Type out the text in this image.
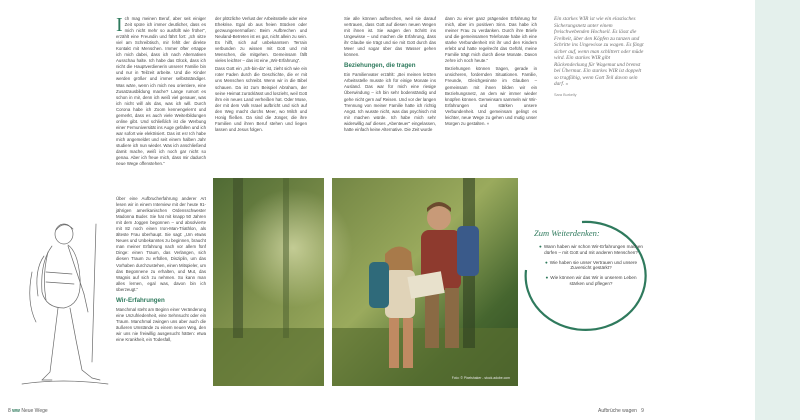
I ch mag meinen Beruf, aber seit einiger Zeit spüre ich immer deutlicher, dass es mich nicht mehr so ausfüllt wie früher“, erzählt eine Freundin und fährt fort: „Ich sitze viel am Schreibtisch, mir fehlt der direkte Kontakt mit Menschen. Immer öfter ertappe ich mich dabei, dass ich nach Alternativen Ausschau halte. Ich habe das Glück, dass ich nicht die Hauptverdienerin unserer Familie bin und nur in Teilzeit arbeite. Und die Kinder werden größer und immer selbstständiger. Was wäre, wenn ich mich neu orientiere, eine Zusatzausbildung mache? Lange rumort es schon in mir, denn ich weiß viel genauer, was ich nicht will als das, was ich will. Durch Corona habe ich Zoom kennengelernt und gemerkt, dass es auch viele Weiterbildungen online gibt. Und schließlich ist die Werbung einer Fernuniversität ins Auge gefallen und ich war sofort wie elektrisiert. Das ist es! Ich habe mich angemeldet und seit einem halben Jahr studiere ich nun wieder. Was ich anschließend damit mache, weiß ich noch gar nicht so genau. Aber ich freue mich, dass mir dadurch neue Wege offenstehen.“

Über eine Aufbrucherfahrung anderer Art lesen wir in einem Interview mit der heute 91-jährigen amerikanischen Ordensschwester Madonna Buder. Sie hat mit knapp 50 Jahren mit dem Joggen begonnen – und absolvierte mit 82 noch einen Iron-Man-Triathlon, als älteste Frau überhaupt. Sie sagt: „Um etwas Neues und Unbekanntes zu beginnen, braucht man meiner Erfahrung nach vor allem fünf Dinge: einen Traum, das Verlangen, sich diesen Traum zu erfüllen, Disziplin, um das Vorhaben durchzustehen, einen Mitspieler, um das Begonnene zu erhalten, und Mut, das Wagnis auf sich zu nehmen. So kann man alles lernen, egal was, davon bin ich überzeugt.“

Wir-Erfahrungen

Manchmal steht am Beginn einer Veränderung eine Unzufriedenheit, eine Sehnsucht oder ein Traum. Manchmal zwingen uns aber auch die äußeren Umstände zu einem neuen Weg, den wir uns nie freiwillig ausgesucht hätten: etwa eine Krankheit, ein Todesfall,

der plötzliche Verlust der Arbeitsstelle oder eine Ehekrise. Egal ob aus freien Stücken oder gezwungenermaßen: Beim Aufbrechen und Neuland-Betreten ist es gut, nicht allein zu sein. Es hilft, sich auf unbekanntem Terrain verbunden zu wissen mit Gott und mit Menschen, die mitgehen. Gemeinsam fällt vieles leichter – das ist eine „Wir-Erfahrung“.

Dass Gott ein „Ich-bin-da“ ist, zieht sich wie ein roter Faden durch die Geschichte, die er mit uns Menschen schreibt. Wenn wir in die Bibel schauen. Da ist zum Beispiel Abraham, der seine Heimat zurücklässt und loszieht, weil Gott ihm ein neues Land verheißen hat. Oder Mose, der mit dem Volk Israel aufbricht und sich auf den Weg macht durchs Meer, wo Milch und Honig fließen. Da sind die Jünger, die ihre Familien und ihren Beruf stehen und liegen lassen und Jesus folgen.

Sie alle können aufbrechen, weil sie darauf vertrauen, dass Gott auf diesen neuen Wegen mit ihnen ist. Sie wagen den Schritt ins Ungewisse – und machen die Erfahrung, dass ihr Glaube sie trägt und sie mit Gott durch das Meer und sogar über das Wasser gehen können.

Beziehungen, die tragen

Ein Familienvater erzählt: „Bei meinen letzten Arbeitsstelle musste ich für einige Monate ins Ausland. Das war für mich eine riesige Überwindung – ich bin sehr bodenständig und gehe nicht gern auf Reisen. Und vor der langen Trennung von meiner Familie hatte ich richtig Angst. Ich wusste nicht, was das psychisch mit mir machen würde. Ich habe mich sehr widerwillig auf dieses „Abenteuer“ eingelassen, hatte einfach keine Alternative. Die Zeit wurde

dann zu einer ganz prägenden Erfahrung für mich, aber im positiven Sinn. Das habe ich meiner Frau zu verdanken. Durch ihre Briefe und die gemeinsamen Telefonate habe ich eine starke Verbundenheit mit ihr und den Kindern erlebt und hatte regelrecht das Gefühl, meine Familie trägt mich durch diese Monate. Davon zehre ich noch heute.“

Beziehungen können tragen, gerade in unsicheren, fordernden Situationen. Familie, Freunde, Gleichgesinnte im Glauben – gemeinsam mit ihnen bilden wir ein Beziehungsnetz, an dem wir immer wieder knüpfen können. Gemeinsam sammeln wir Wir-Erfahrungen und stärken unsere Verbundenheit. Und gemeinsam gelingt es leichter, neue Wege zu gehen und mutig unser Morgen zu gestalten. «

Ein starkes WIR ist wie ein elastisches Sicherungsnetz unter einem freischwebenden Hochseil. Es lässt die Freiheit, über den Köpfen zu tanzen und Schritte ins Ungewisse zu wagen. Es fängt sicher auf, wenn man schlittert oder müde wird. Ein starkes WIR gibt Rückendeckung für Wagemut und bremst bei Übermut. Ein starkes WIR ist doppelt so tragfähig, wenn Gott Teil davon sein darf. «

Sara Burkelly

Foto: © Pixelshaker - stock.adobe.com
Zum Weiterdenken:
● Wann haben wir schon Wir-Erfahrungen machen dürfen – mit Gott und mit anderen Menschen?
● Wie haben sie unser Vertrauen und unsere Zuversicht gestärkt?
● Wie können wir das Wir in unserem Leben stärken und pflegen?
8 ww Neue Wege	Aufbrüche wagen 9
